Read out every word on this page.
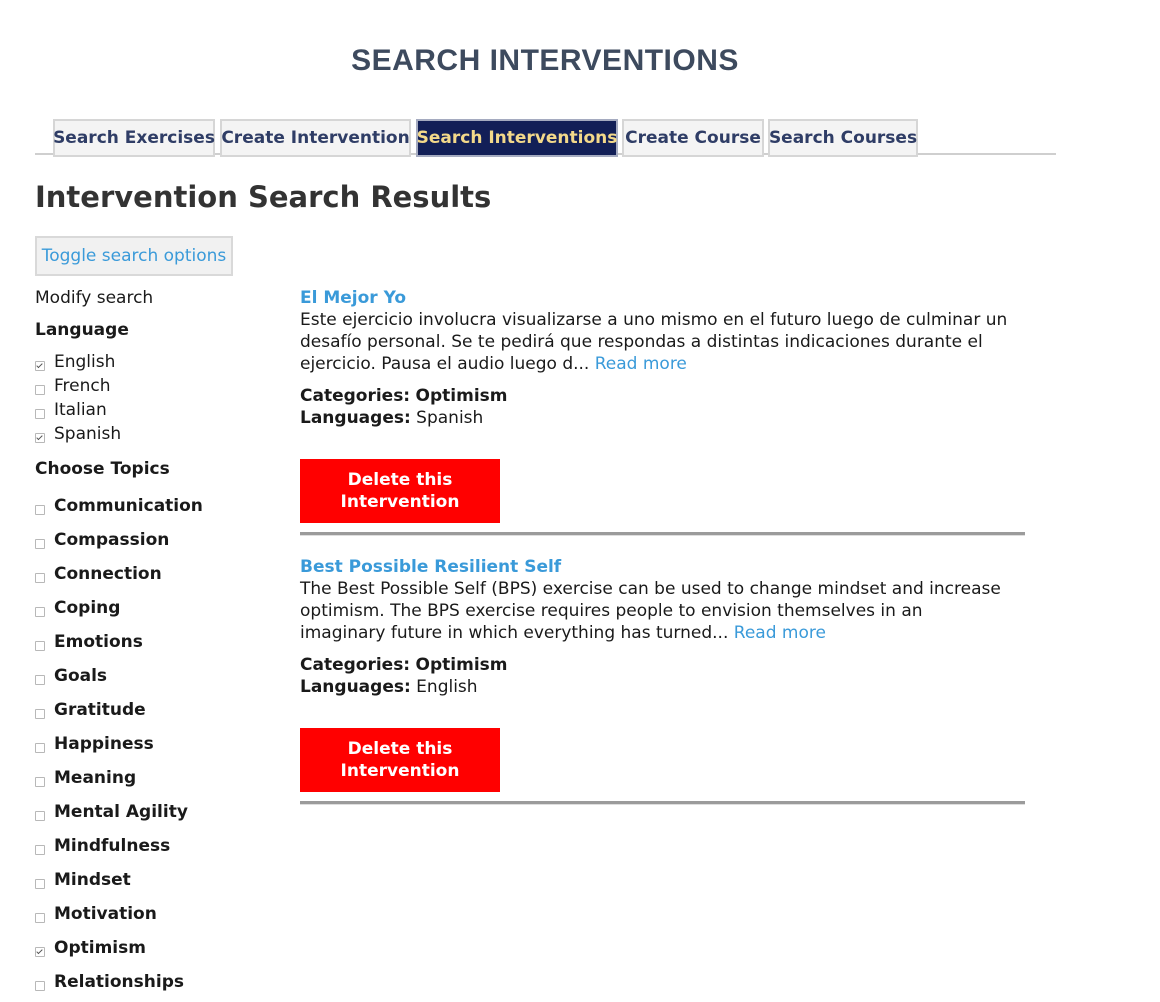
SEARCH INTERVENTIONS
Search Exercises Create Intervention Search Interventions Create Course Search Courses
Intervention Search Results
Toggle search options
Modify search
Language
English
French
Italian
Spanish
Choose Topics
Communication
Compassion
Connection
Coping
Emotions
Goals
Gratitude
Happiness
Meaning
Mental Agility
Mindfulness
Mindset
Motivation
Optimism
Relationships
El Mejor Yo
Este ejercicio involucra visualizarse a uno mismo en el futuro luego de culminar un desafío personal. Se te pedirá que respondas a distintas indicaciones durante el ejercicio. Pausa el audio luego d... Read more
Categories: Optimism
Languages: Spanish
Delete this Intervention
Best Possible Resilient Self
The Best Possible Self (BPS) exercise can be used to change mindset and increase optimism. The BPS exercise requires people to envision themselves in an imaginary future in which everything has turned... Read more
Categories: Optimism
Languages: English
Delete this Intervention
